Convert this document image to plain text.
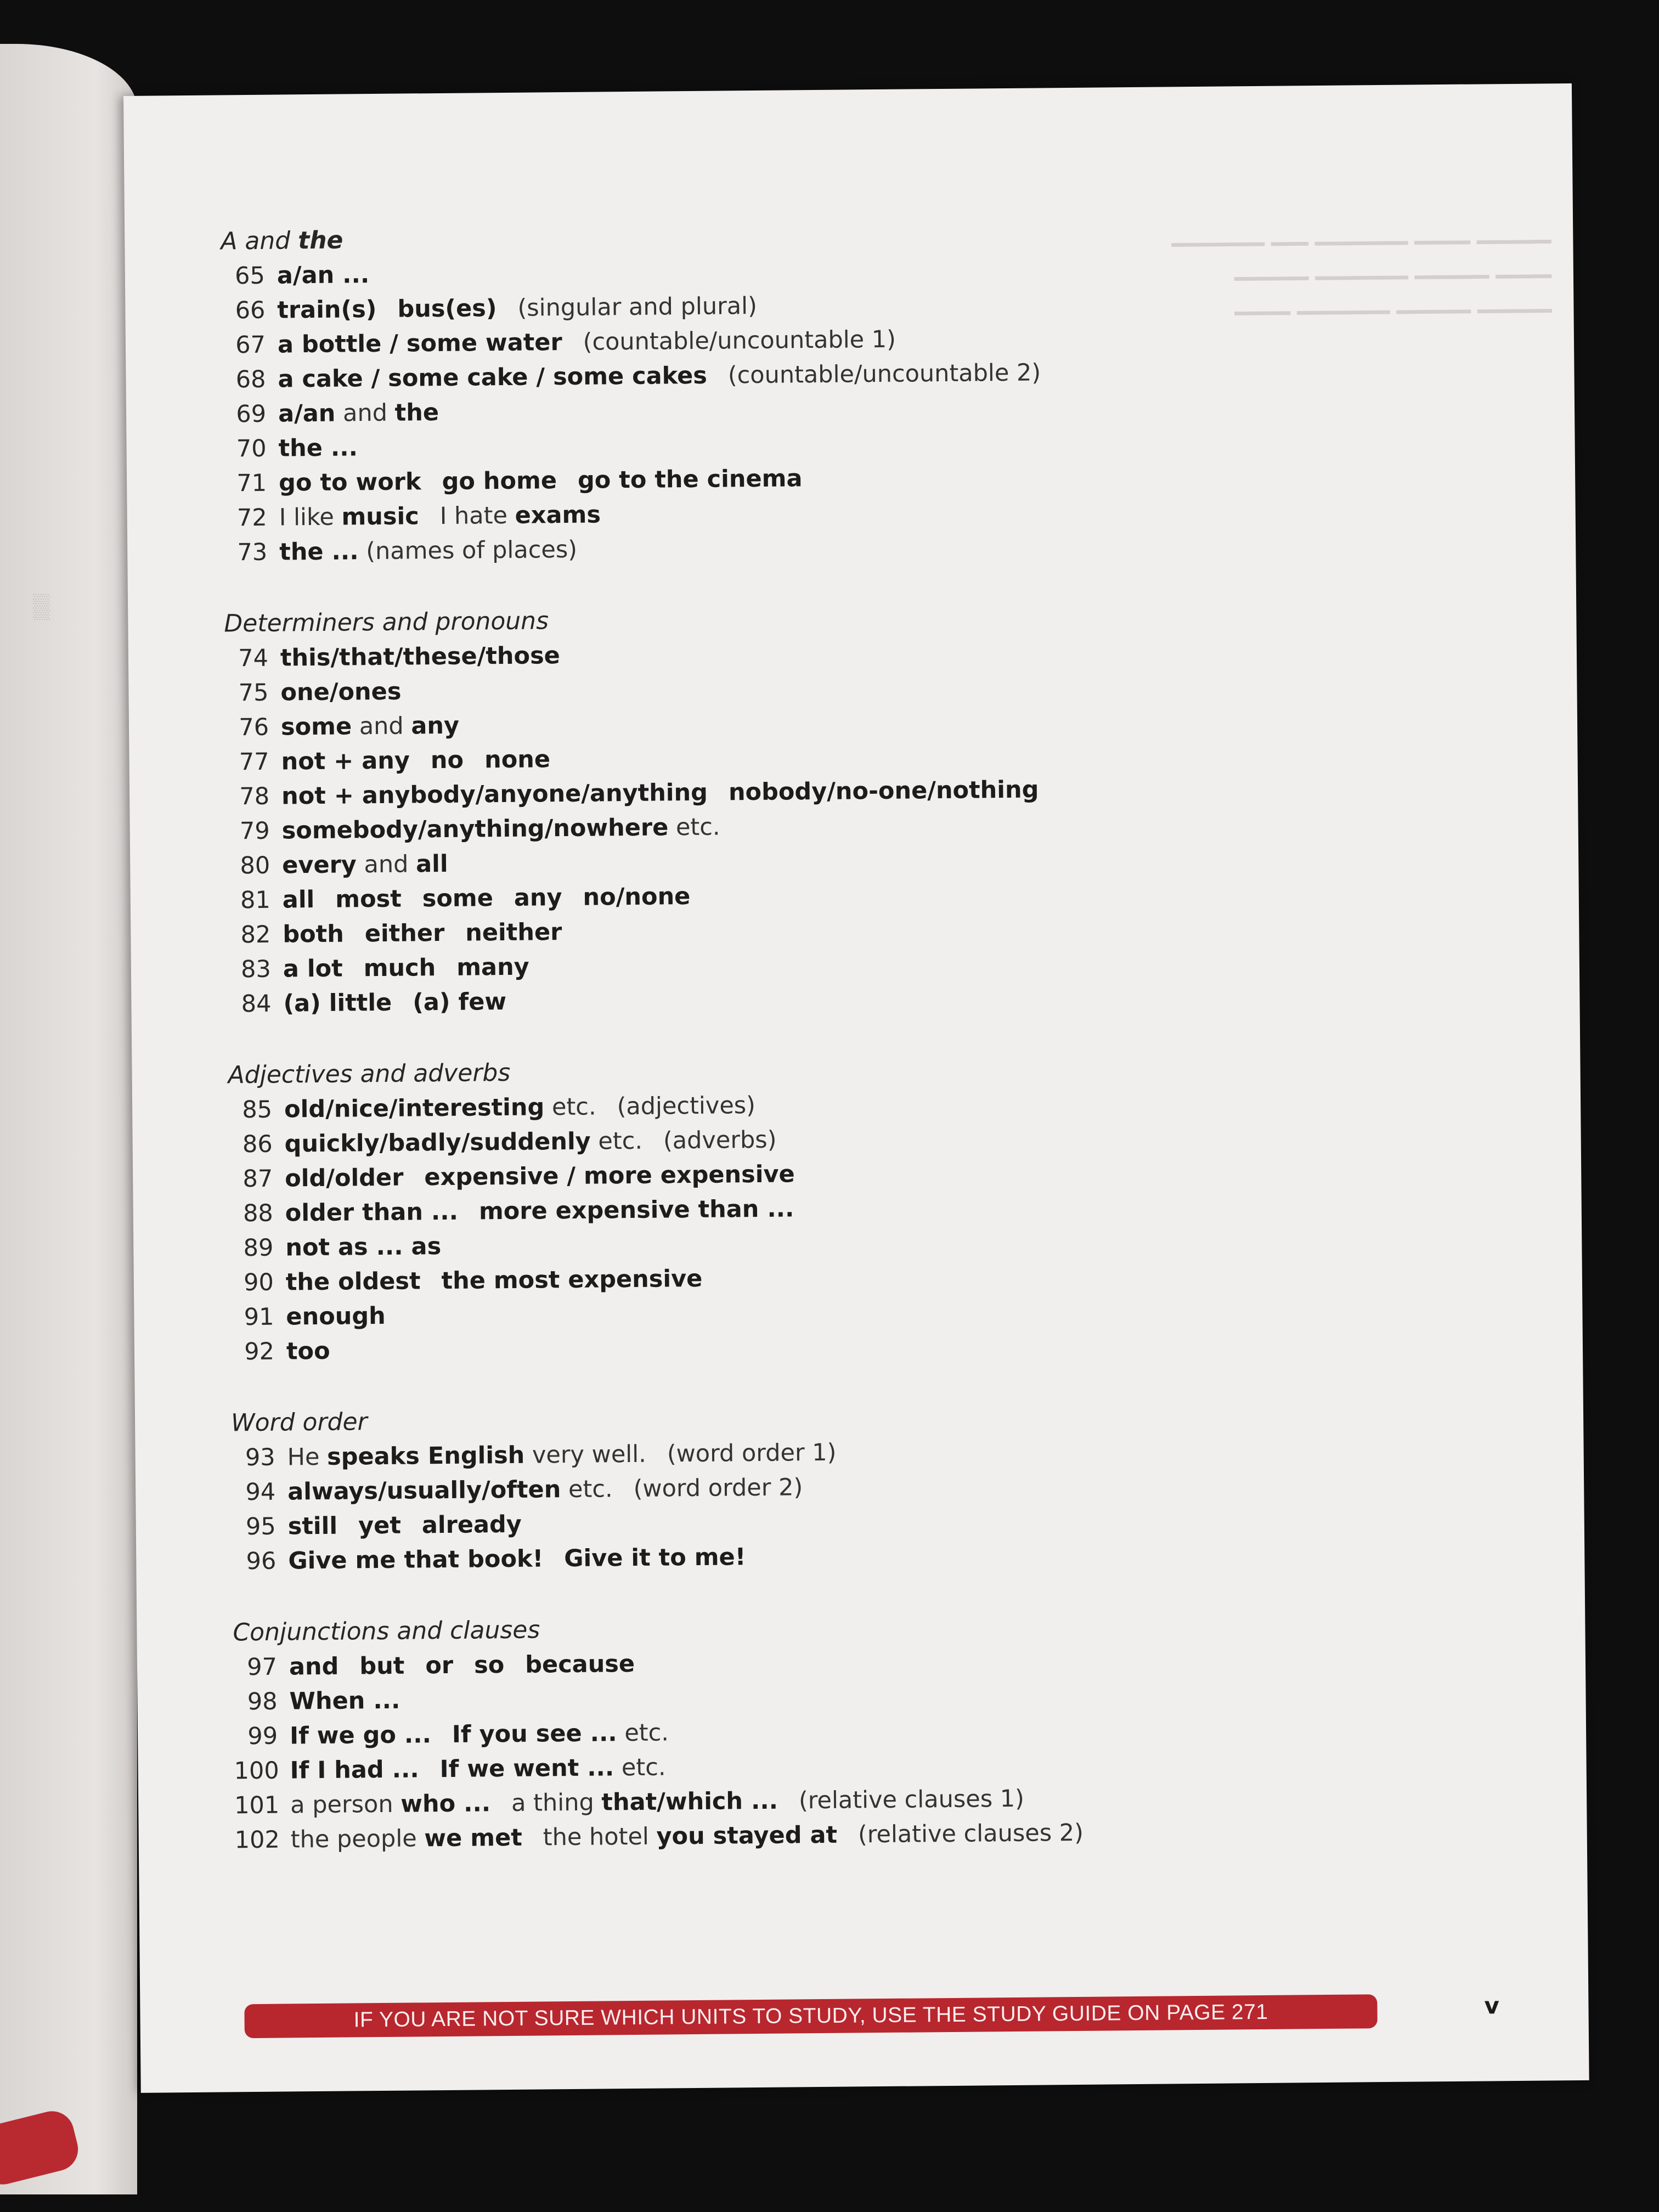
▒
▔▔▔▔ ▔▔▔ ▔▔▔▔▔ ▔▔ ▔▔▔▔▔
▔▔▔ ▔▔▔▔ ▔▔▔▔▔ ▔▔▔▔
▔▔▔▔ ▔▔▔▔ ▔▔▔▔▔ ▔▔▔
A and the
65 a/an ...
66 train(s) bus(es) (singular and plural)
67 a bottle / some water (countable/uncountable 1)
68 a cake / some cake / some cakes (countable/uncountable 2)
69 a/an and the
70 the ...
71 go to work go home go to the cinema
72 I like music I hate exams
73 the ... (names of places)
Determiners and pronouns
74 this/that/these/those
75 one/ones
76 some and any
77 not + any no none
78 not + anybody/anyone/anything nobody/no-one/nothing
79 somebody/anything/nowhere etc.
80 every and all
81 all most some any no/none
82 both either neither
83 a lot much many
84 (a) little (a) few
Adjectives and adverbs
85 old/nice/interesting etc. (adjectives)
86 quickly/badly/suddenly etc. (adverbs)
87 old/older expensive / more expensive
88 older than ... more expensive than ...
89 not as ... as
90 the oldest the most expensive
91 enough
92 too
Word order
93 He speaks English very well. (word order 1)
94 always/usually/often etc. (word order 2)
95 still yet already
96 Give me that book! Give it to me!
Conjunctions and clauses
97 and but or so because
98 When ...
99 If we go ... If you see ... etc.
100 If I had ... If we went ... etc.
101 a person who ... a thing that/which ... (relative clauses 1)
102 the people we met the hotel you stayed at (relative clauses 2)
IF YOU ARE NOT SURE WHICH UNITS TO STUDY, USE THE STUDY GUIDE ON PAGE 271	v
